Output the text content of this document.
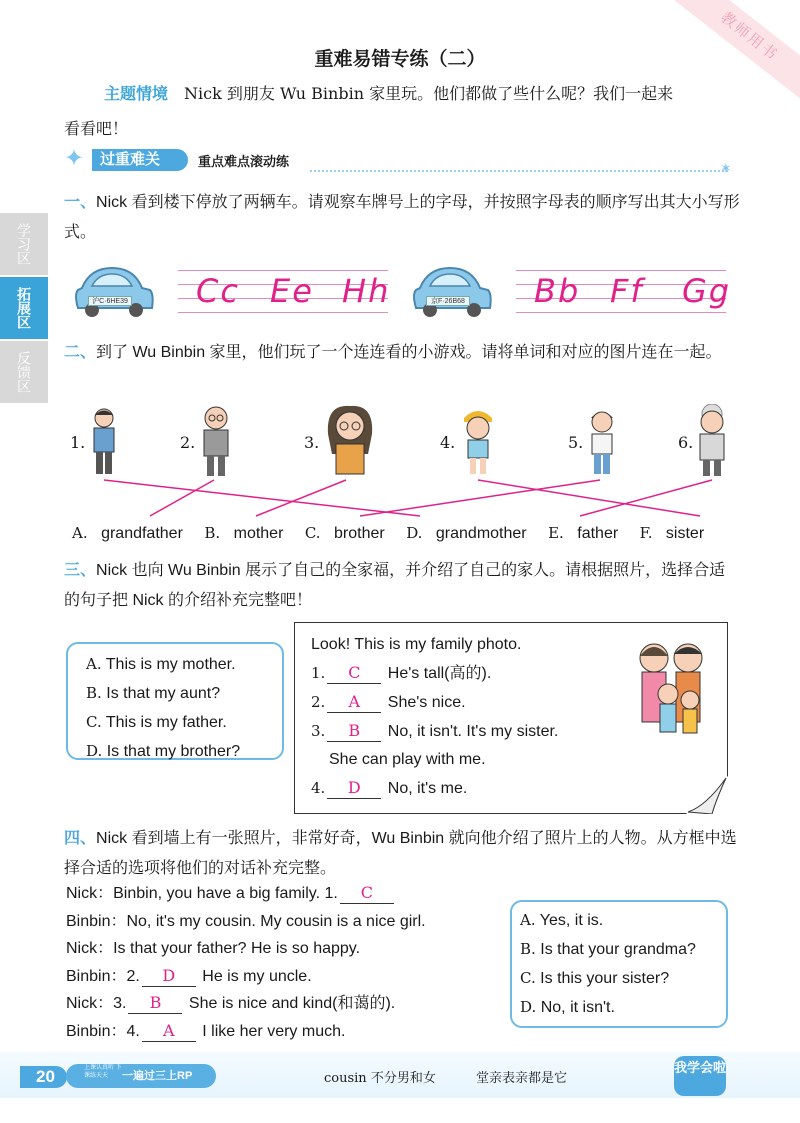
教师用书
重难易错专练（二）
主题情境 Nick 到朋友 Wu Binbin 家里玩。他们都做了些什么呢？我们一起来
看看吧！
✦	过重难关	重点难点滚动练	✶
学习区
拓展区
反馈区
一、Nick 看到楼下停放了两辆车。请观察车牌号上的字母，并按照字母表的顺序写出其大小写形式。
沪C·6HE39 Cc Ee Hh	京F·26B68 Bb Ff Gg
二、到了 Wu Binbin 家里，他们玩了一个连连看的小游戏。请将单词和对应的图片连在一起。
1.	2.	3.	4.	5.	6.
A. grandfather B. mother C. brother D. grandmother E. father F. sister
三、Nick 也向 Wu Binbin 展示了自己的全家福，并介绍了自己的家人。请根据照片，选择合适的句子把 Nick 的介绍补充完整吧！
A. This is my mother.
B. Is that my aunt?
C. This is my father.
D. Is that my brother?
Look! This is my family photo.
1. C He's tall(高的).
2. A She's nice.
3. B No, it isn't. It's my sister.
She can play with me.
4. D No, it's me.
四、Nick 看到墙上有一张照片，非常好奇，Wu Binbin 就向他介绍了照片上的人物。从方框中选择合适的选项将他们的对话补充完整。
Nick：Binbin, you have a big family. 1. C
Binbin：No, it's my cousin. My cousin is a nice girl.
Nick：Is that your father? He is so happy.
Binbin：2. D He is my uncle.
Nick：3. B She is nice and kind(和蔼的).
Binbin：4. A I like her very much.
A. Yes, it is.
B. Is that your grandma?
C. Is this your sister?
D. No, it isn't.
20	一遍过三上RP
上课认真听 下课练天天	cousin 不分男和女	堂亲表亲都是它
我学会啦
